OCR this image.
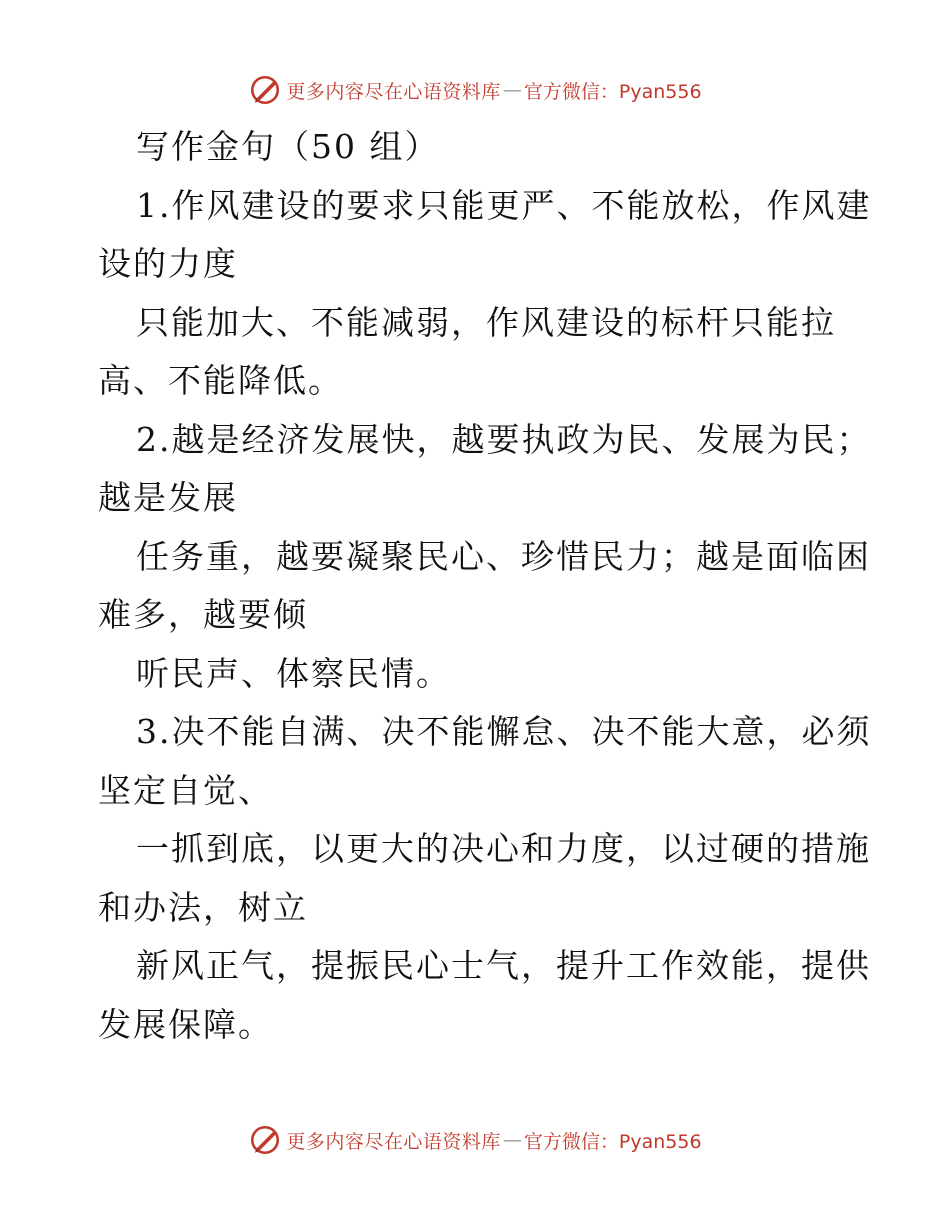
更多内容尽在心语资料库 — 官方微信：Pyan556
写作金句（50 组）
1.作风建设的要求只能更严、不能放松，作风建
设的力度
只能加大、不能减弱，作风建设的标杆只能拉
高、不能降低。
2.越是经济发展快，越要执政为民、发展为民；
越是发展
任务重，越要凝聚民心、珍惜民力；越是面临困
难多，越要倾
听民声、体察民情。
3.决不能自满、决不能懈怠、决不能大意，必须
坚定自觉、
一抓到底，以更大的决心和力度，以过硬的措施
和办法，树立
新风正气，提振民心士气，提升工作效能，提供
发展保障。
更多内容尽在心语资料库 — 官方微信：Pyan556
